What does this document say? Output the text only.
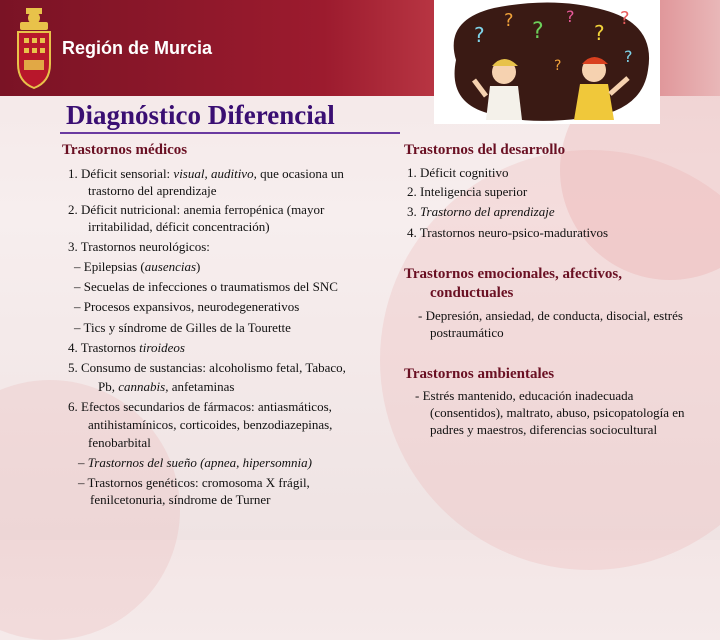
Región de Murcia
?
? ?
?
?
?
?
?
Diagnóstico Diferencial
Trastornos médicos

1. Déficit sensorial: visual, auditivo, que ocasiona un

trastorno del aprendizaje

2. Déficit nutricional: anemia ferropénica (mayor

irritabilidad, déficit concentración)

3. Trastornos neurológicos:

– Epilepsias (ausencias)

– Secuelas de infecciones o traumatismos del SNC

– Procesos expansivos, neurodegenerativos

– Tics y síndrome de Gilles de la Tourette

4. Trastornos tiroideos

5. Consumo de sustancias: alcoholismo fetal, Tabaco,

Pb, cannabis, anfetaminas

6. Efectos secundarios de fármacos: antiasmáticos,

antihistamínicos, corticoides, benzodiazepinas,

fenobarbital

– Trastornos del sueño (apnea, hipersomnia)

– Trastornos genéticos: cromosoma X frágil,

fenilcetonuria, síndrome de Turner

Trastornos del desarrollo

1. Déficit cognitivo

2. Inteligencia superior

3. Trastorno del aprendizaje

4. Trastornos neuro-psico-madurativos

Trastornos emocionales, afectivos,
conductuales

- Depresión, ansiedad, de conducta, disocial, estrés

postraumático

Trastornos ambientales

- Estrés mantenido, educación inadecuada

(consentidos), maltrato, abuso, psicopatología en

padres y maestros, diferencias sociocultural
